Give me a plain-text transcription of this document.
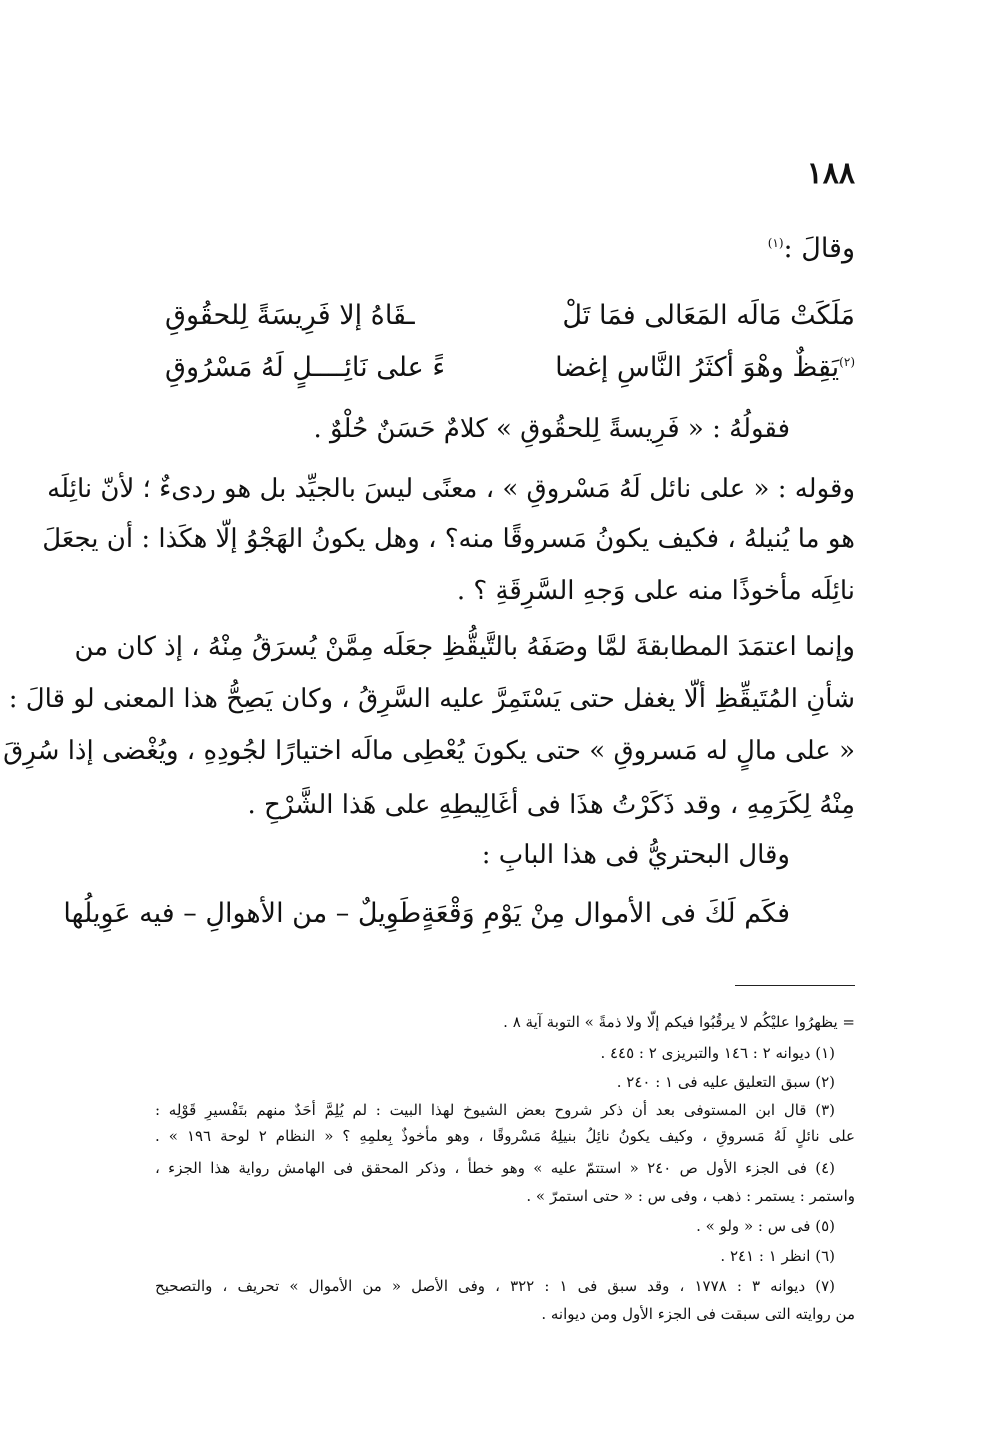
١٨٨
وقالَ :$^{(١)}$
مَلَكَتْ مَالَه المَعَالى فمَا تَلْ
ـقَاهُ إلا فَرِيسَةً لِلحقُوقِ
$^{(٢)}$يَقِظٌ وهْوَ أكثَرُ النَّاسِ إغضا
ءً على نَائِــــلٍ لَهُ مَسْرُوقِ
فقولُهُ : « فَرِيسةً لِلحقُوقِ » كلامٌ حَسَنٌ حُلْوٌ .
وقوله : « على نائل لَهُ مَسْروقِ » ، معنًى ليسَ بالجيِّد بل هو ردىءٌ ؛ لأنّ نائِلَه
هو ما يُنيلهُ ، فكيف يكونُ مَسروقًا منه؟ ، وهل يكونُ الهَجْوُ إلّا هكَذا : أن يجعَلَ
نائِلَه مأخوذًا منه على وَجهِ السَّرِقَةِ ؟ .
وإنما اعتمَدَ المطابقةَ لمَّا وصَفَهُ بالتَّيقُّظِ جعَلَه مِمَّنْ يُسرَقُ مِنْهُ ، إذ كان من
شأنِ المُتَيقِّظِ ألّا يغفل حتى يَسْتَمِرَّ عليه السَّرِقُ ، وكان يَصِحُّ هذا المعنى لو قالَ :
« على مالٍ له مَسروقِ » حتى يكونَ يُعْطِى مالَه اختيارًا لجُودِهِ ، ويُغْضى إذا سُرِقَ
مِنْهُ لِكَرَمِهِ ، وقد ذَكَرْتُ هذَا فى أغَالِيطِهِ على هَذا الشَّرْحِ .
وقال البحتريُّ فى هذا البابِ :
فكَم لَكَ فى الأموال مِنْ يَوْمِ وَقْعَةٍ
طَوِيلٌ – من الأهوالِ – فيه عَوِيلُها
= يظهرُوا عليْكُم لا يرقُبُوا فيكم إلّا ولا ذمةً » التوبة آية ٨ .
(١) ديوانه ٢ : ١٤٦ والتبريزى ٢ : ٤٤٥ .
(٢) سبق التعليق عليه فى ١ : ٢٤٠ .
(٣) قال ابن المستوفى بعد أن ذكر شروح بعض الشيوخ لهذا البيت : لم يُلِمَّ أحَدٌ منهم بتَفْسيرِ قَوْلِه :
على نائلٍ لَهُ مَسروقِ ، وكيف يكونُ نائِلُ بنيلِهُ مَسْروقًا ، وهو مأخوذٌ بِعلمِهِ ؟ « النظام ٢ لوحة ١٩٦ » .
(٤) فى الجزء الأول ص ٢٤٠ « استتمّ عليه » وهو خطأ ، وذكر المحقق فى الهامش رواية هذا الجزء ،
واستمر : يستمر : ذهب ، وفى س : « حتى استمرّ » .
(٥) فى س : « ولو » .
(٦) انظر ١ : ٢٤١ .
(٧) ديوانه ٣ : ١٧٧٨ ، وقد سبق فى ١ : ٣٢٢ ، وفى الأصل « من الأموال » تحريف ، والتصحيح
من روايته التى سبقت فى الجزء الأول ومن ديوانه .
